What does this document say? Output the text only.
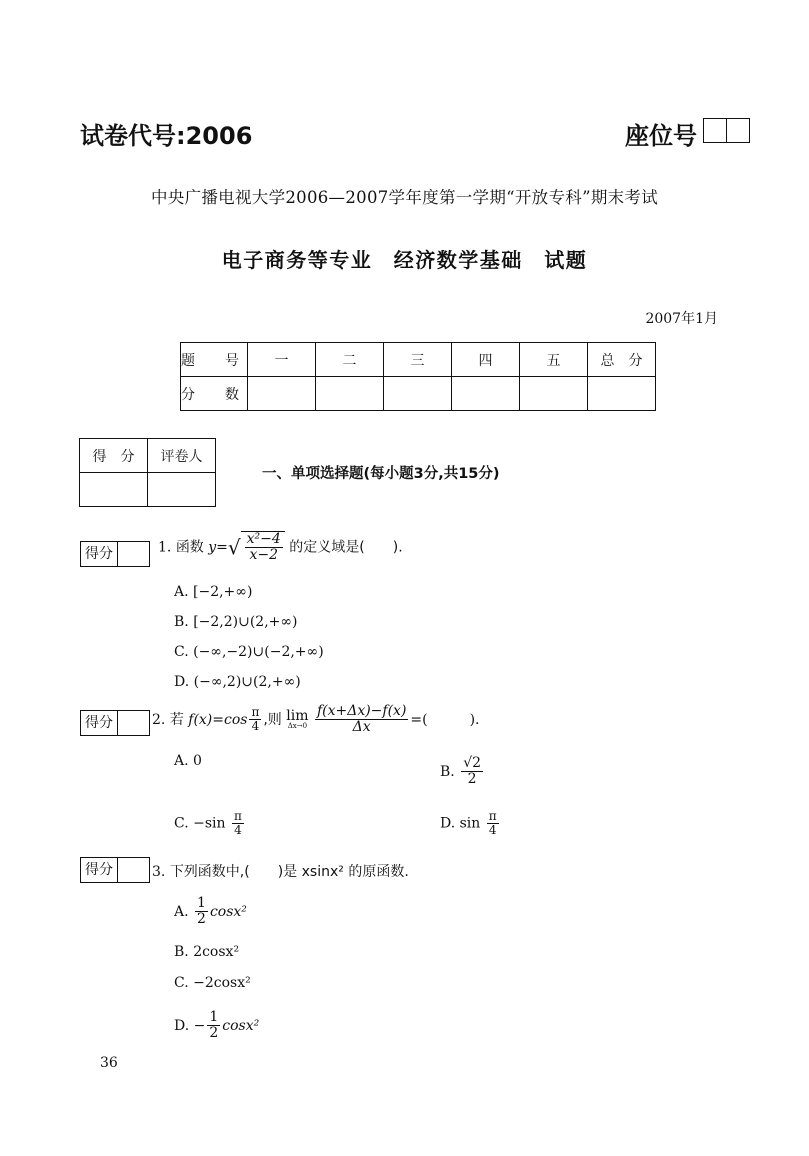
试卷代号:2006	座位号
中央广播电视大学2006—2007学年度第一学期“开放专科”期末考试
电子商务等专业　经济数学基础　试题
2007年1月
题　号	一	二	三	四	五	总　分
分　数						
得　分	评卷人

一、单项选择题(每小题3分,共15分)
得分	1. 函数 $y=√ \frac{\text{x²−4}}{x-2}$ 的定义域是(　　).
A. [−2,+∞)
B. [−2,2)∪(2,+∞)
C. (−∞,−2)∪(−2,+∞)
D. (−∞,2)∪(2,+∞)
得分	2. 若 $f(x)=\cos \frac{\pi}{4}$ ,则 lim
Δx→0
$\frac{f(x+\Delta x)-f(x)}{\Delta x}$ =(　　　).
A. 0
B. $\frac{√2}{2}$
C. $-\sin \frac{\pi}{4}$	D. $\sin \frac{\pi}{4}$
得分	3. 下列函数中,(　　)是 xsinx² 的原函数.
A. $\frac{1}{2} \cos x^2$
B. 2cosx²
C. −2cosx²
D. − $\frac{1}{2} \cos x^2$
36
